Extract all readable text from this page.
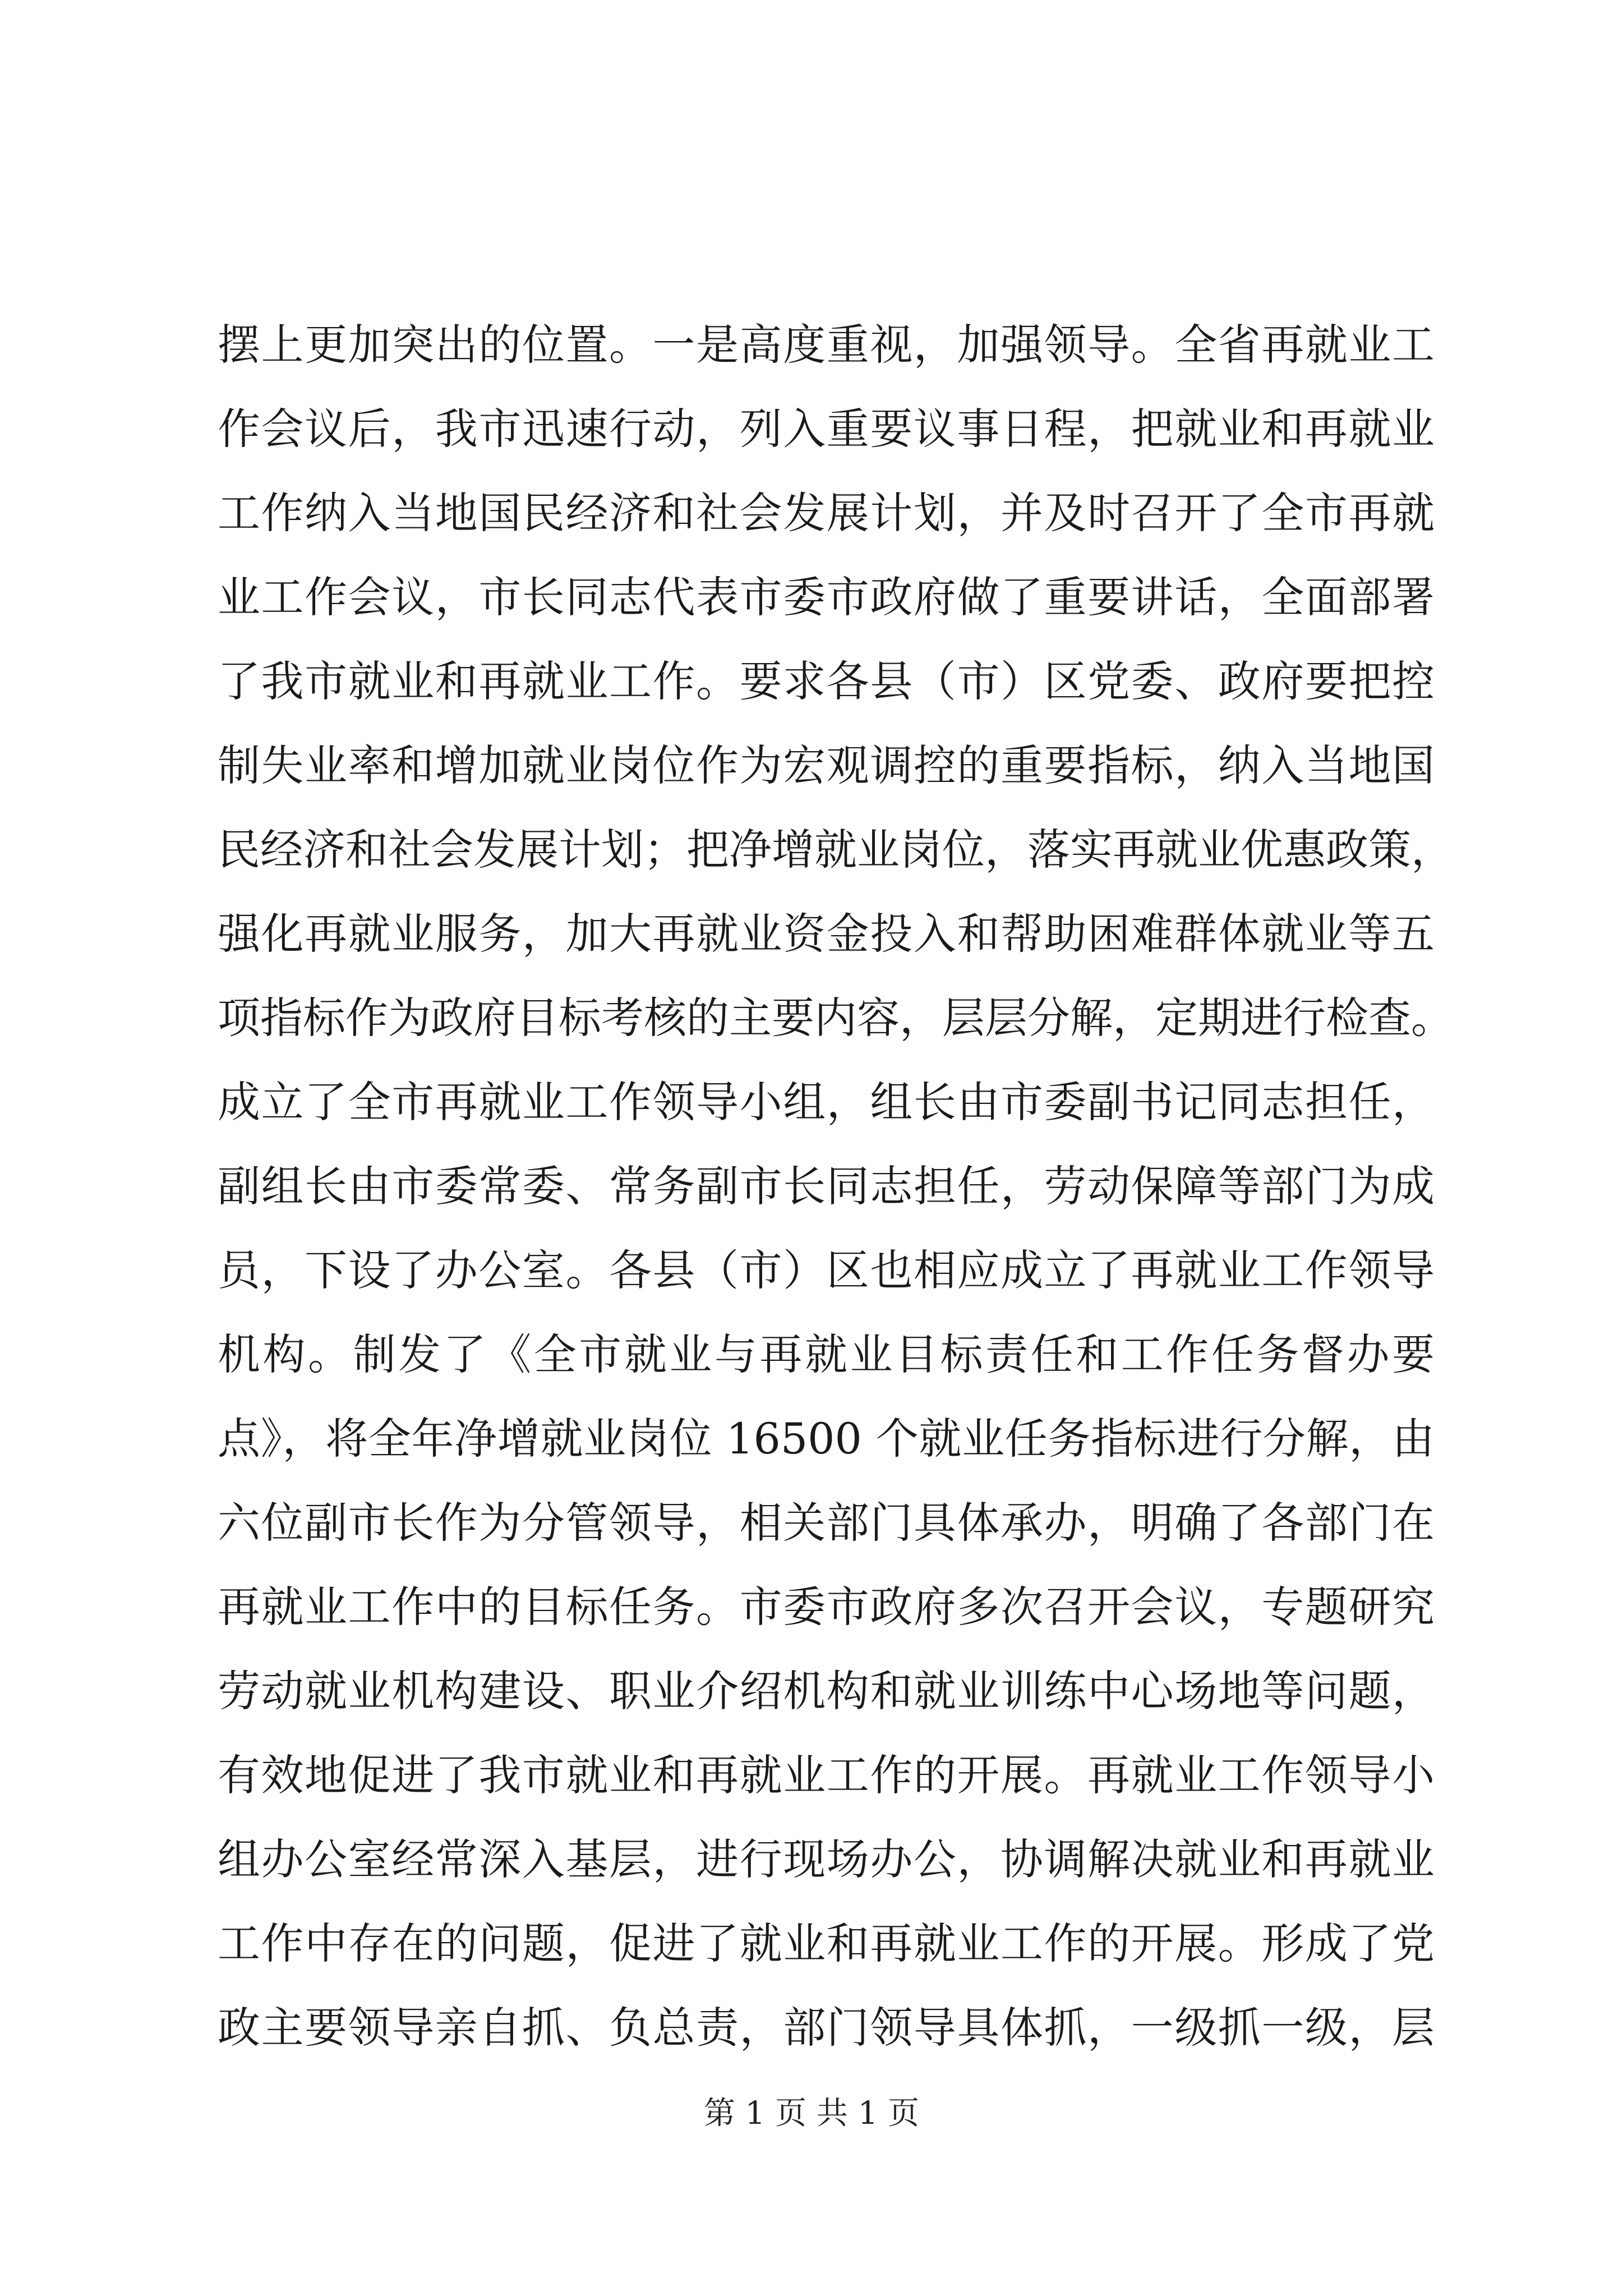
摆上更加突出的位置。一是高度重视，加强领导。全省再就业工
作会议后，我市迅速行动，列入重要议事日程，把就业和再就业
工作纳入当地国民经济和社会发展计划，并及时召开了全市再就
业工作会议，市长同志代表市委市政府做了重要讲话，全面部署
了我市就业和再就业工作。要求各县（市）区党委、政府要把控
制失业率和增加就业岗位作为宏观调控的重要指标，纳入当地国
民经济和社会发展计划；把净增就业岗位，落实再就业优惠政策，
强化再就业服务，加大再就业资金投入和帮助困难群体就业等五
项指标作为政府目标考核的主要内容，层层分解，定期进行检查。
成立了全市再就业工作领导小组，组长由市委副书记同志担任，
副组长由市委常委、常务副市长同志担任，劳动保障等部门为成
员，下设了办公室。各县（市）区也相应成立了再就业工作领导
机构。制发了《全市就业与再就业目标责任和工作任务督办要
点》，将全年净增就业岗位 16500 个就业任务指标进行分解，由
六位副市长作为分管领导，相关部门具体承办，明确了各部门在
再就业工作中的目标任务。市委市政府多次召开会议，专题研究
劳动就业机构建设、职业介绍机构和就业训练中心场地等问题，
有效地促进了我市就业和再就业工作的开展。再就业工作领导小
组办公室经常深入基层，进行现场办公，协调解决就业和再就业
工作中存在的问题，促进了就业和再就业工作的开展。形成了党
政主要领导亲自抓、负总责，部门领导具体抓，一级抓一级，层
第 1 页 共 1 页
